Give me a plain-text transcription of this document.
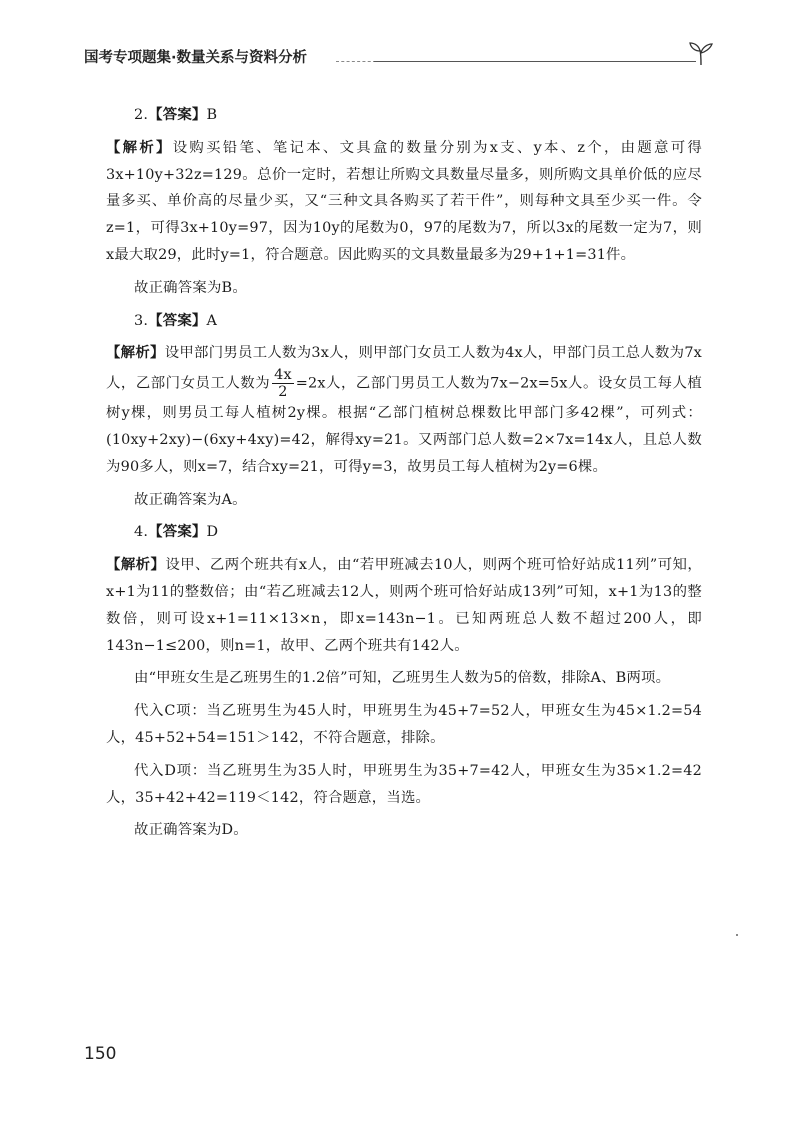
国考专项题集·数量关系与资料分析

2.【答案】B

【解析】设购买铅笔、笔记本、文具盒的数量分别为x支、y本、z个，由题意可得3x+10y+32z=129。总价一定时，若想让所购文具数量尽量多，则所购文具单价低的应尽量多买、单价高的尽量少买，又“三种文具各购买了若干件”，则每种文具至少买一件。令z=1，可得3x+10y=97，因为10y的尾数为0，97的尾数为7，所以3x的尾数一定为7，则x最大取29，此时y=1，符合题意。因此购买的文具数量最多为29+1+1=31件。

故正确答案为B。

3.【答案】A

【解析】设甲部门男员工人数为3x人，则甲部门女员工人数为4x人，甲部门员工总人数为7x人，乙部门女员工人数为 $\frac{4x}{2} =2x$人，乙部门男员工人数为7x−2x=5x人。设女员工每人植树y棵，则男员工每人植树2y棵。根据“乙部门植树总棵数比甲部门多42棵”，可列式：(10xy+2xy)−(6xy+4xy)=42，解得xy=21。又两部门总人数=2×7x=14x人，且总人数为90多人，则x=7，结合xy=21，可得y=3，故男员工每人植树为2y=6棵。

故正确答案为A。

4.【答案】D

【解析】设甲、乙两个班共有x人，由“若甲班减去10人，则两个班可恰好站成11列”可知，x+1为11的整数倍；由“若乙班减去12人，则两个班可恰好站成13列”可知，x+1为13的整数倍，则可设x+1=11×13×n，即x=143n−1。已知两班总人数不超过200人，即143n−1≤200，则n=1，故甲、乙两个班共有142人。

由“甲班女生是乙班男生的1.2倍”可知，乙班男生人数为5的倍数，排除A、B两项。

代入C项：当乙班男生为45人时，甲班男生为45+7=52人，甲班女生为45×1.2=54人，45+52+54=151＞142，不符合题意，排除。

代入D项：当乙班男生为35人时，甲班男生为35+7=42人，甲班女生为35×1.2=42人，35+42+42=119＜142，符合题意，当选。

故正确答案为D。

150
